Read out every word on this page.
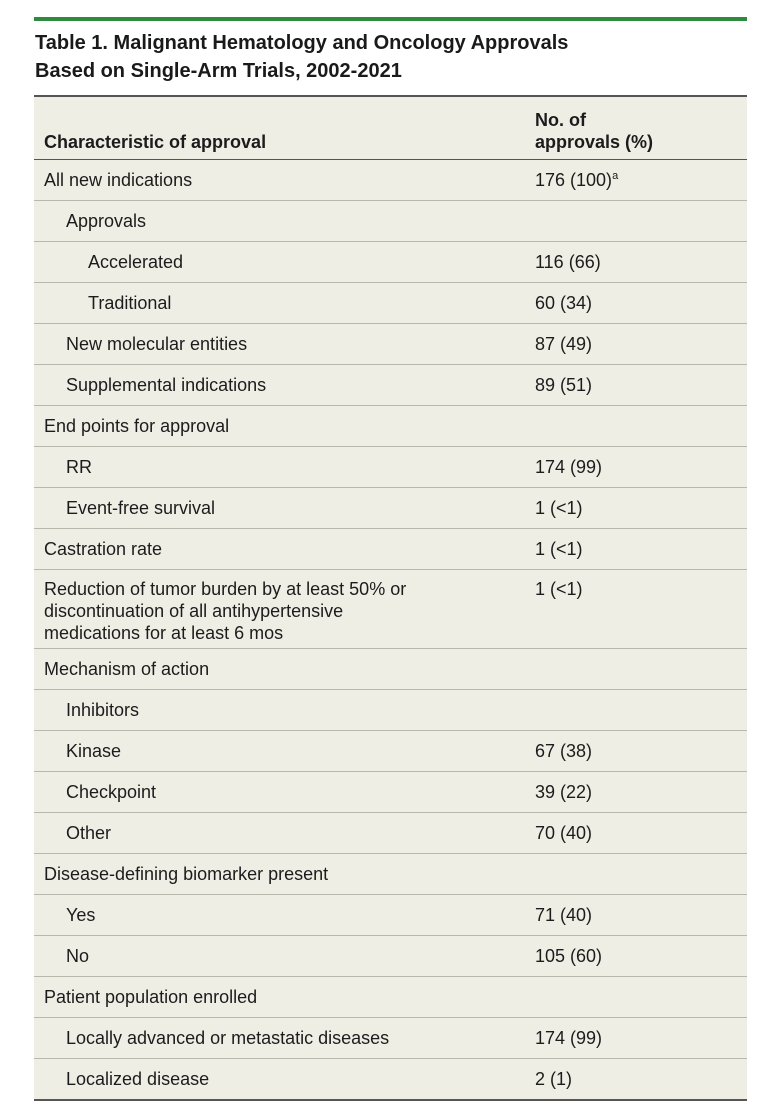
Table 1. Malignant Hematology and Oncology Approvals
Based on Single-Arm Trials, 2002-2021
Characteristic of approval	No. of
approvals (%)

All new indications	176 $(100)^a$
Approvals	
Accelerated	116 (66)
Traditional	60 (34)
New molecular entities	87 (49)
Supplemental indications	89 (51)
End points for approval	
RR	174 (99)
Event-free survival	1 (<1)
Castration rate	1 (<1)

Reduction of tumor burden by at least 50% or
discontinuation of all antihypertensive
medications for at least 6 mos	1 (<1)
Mechanism of action	
Inhibitors	
Kinase	67 (38)
Checkpoint	39 (22)
Other	70 (40)
Disease-defining biomarker present	
Yes	71 (40)
No	105 (60)
Patient population enrolled	
Locally advanced or metastatic diseases	174 (99)
Localized disease	2 (1)
